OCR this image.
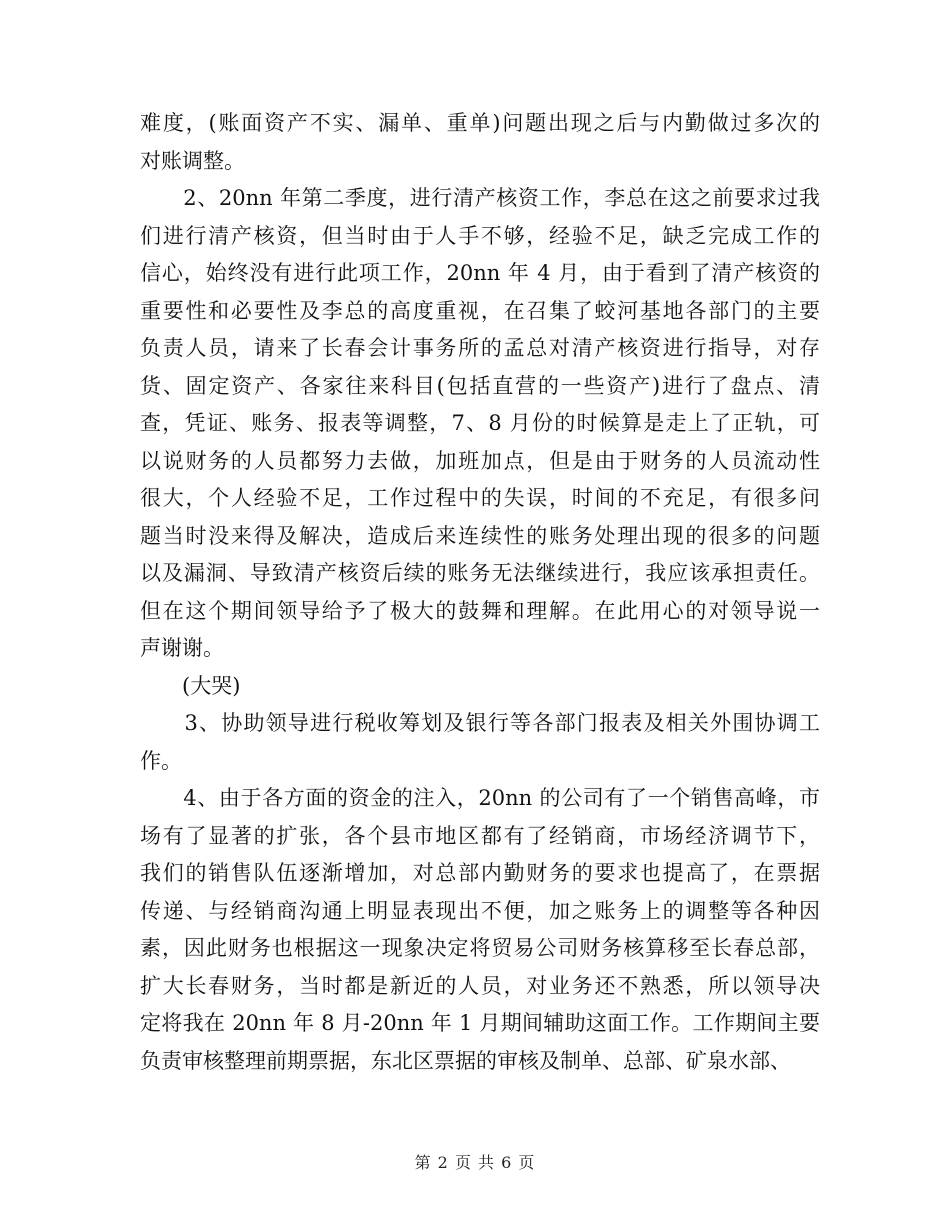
难度，(账面资产不实、漏单、重单)问题出现之后与内勤做过多次的
对账调整。
　　2、20nn 年第二季度，进行清产核资工作，李总在这之前要求过我
们进行清产核资，但当时由于人手不够，经验不足，缺乏完成工作的
信心，始终没有进行此项工作，20nn 年 4 月，由于看到了清产核资的
重要性和必要性及李总的高度重视，在召集了蛟河基地各部门的主要
负责人员，请来了长春会计事务所的孟总对清产核资进行指导，对存
货、固定资产、各家往来科目(包括直营的一些资产)进行了盘点、清
查，凭证、账务、报表等调整，7、8 月份的时候算是走上了正轨，可
以说财务的人员都努力去做，加班加点，但是由于财务的人员流动性
很大，个人经验不足，工作过程中的失误，时间的不充足，有很多问
题当时没来得及解决，造成后来连续性的账务处理出现的很多的问题
以及漏洞、导致清产核资后续的账务无法继续进行，我应该承担责任。
但在这个期间领导给予了极大的鼓舞和理解。在此用心的对领导说一
声谢谢。
　　(大哭)
　　3、协助领导进行税收筹划及银行等各部门报表及相关外围协调工
作。
　　4、由于各方面的资金的注入，20nn 的公司有了一个销售高峰，市
场有了显著的扩张，各个县市地区都有了经销商，市场经济调节下，
我们的销售队伍逐渐增加，对总部内勤财务的要求也提高了，在票据
传递、与经销商沟通上明显表现出不便，加之账务上的调整等各种因
素，因此财务也根据这一现象决定将贸易公司财务核算移至长春总部，
扩大长春财务，当时都是新近的人员，对业务还不熟悉，所以领导决
定将我在 20nn 年 8 月-20nn 年 1 月期间辅助这面工作。工作期间主要
负责审核整理前期票据，东北区票据的审核及制单、总部、矿泉水部、
第 2 页 共 6 页
